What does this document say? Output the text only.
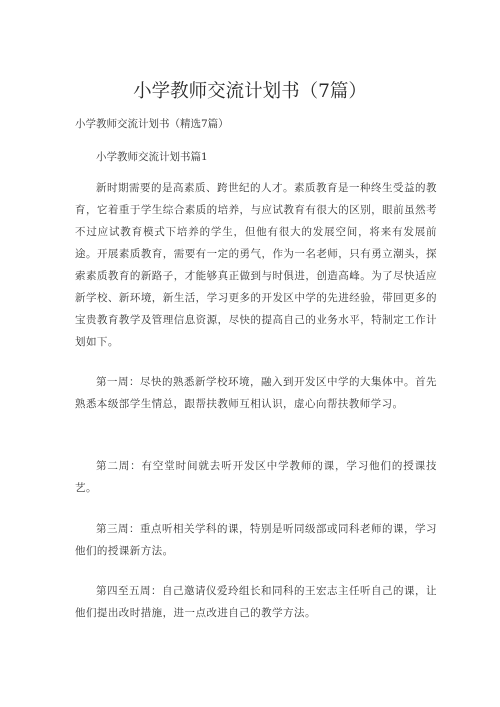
小学教师交流计划书（7篇）
小学教师交流计划书（精选7篇）
小学教师交流计划书篇1

新时期需要的是高素质、跨世纪的人才。素质教育是一种终生受益的教育，它着重于学生综合素质的培养，与应试教育有很大的区别，眼前虽然考不过应试教育模式下培养的学生，但他有很大的发展空间，将来有发展前途。开展素质教育，需要有一定的勇气，作为一名老师，只有勇立潮头，探索素质教育的新路子，才能够真正做到与时俱进，创造高峰。为了尽快适应新学校、新环境，新生活，学习更多的开发区中学的先进经验，带回更多的宝贵教育教学及管理信息资源，尽快的提高自己的业务水平，特制定工作计划如下。

第一周：尽快的熟悉新学校环境，融入到开发区中学的大集体中。首先熟悉本级部学生情总，跟帮扶教师互相认识，虚心向帮扶教师学习。

第二周：有空堂时间就去听开发区中学教师的课，学习他们的授课技艺。

第三周：重点听相关学科的课，特别是听同级部或同科老师的课，学习他们的授课新方法。

第四至五周：自己邀请仪爱玲组长和同科的王宏志主任听自己的课，让他们提出改时措施，进一点改进自己的教学方法。
